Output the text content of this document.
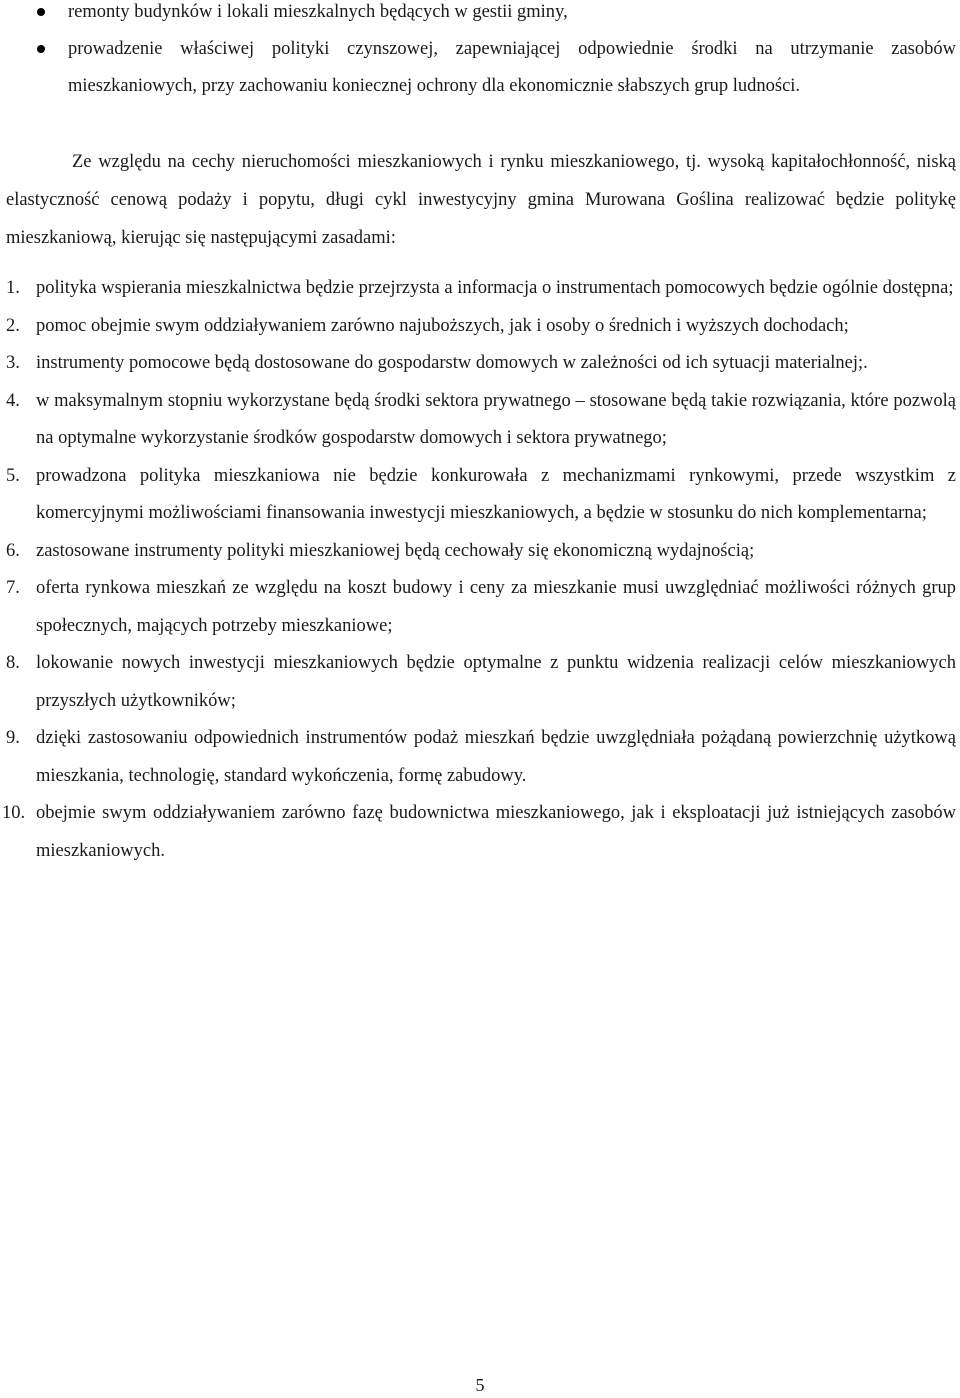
remonty budynków i lokali mieszkalnych będących w gestii gminy,
prowadzenie właściwej polityki czynszowej, zapewniającej odpowiednie środki na utrzymanie zasobów mieszkaniowych, przy zachowaniu koniecznej ochrony dla ekonomicznie słabszych grup ludności.
Ze względu na cechy nieruchomości mieszkaniowych i rynku mieszkaniowego, tj. wysoką kapitałochłonność, niską elastyczność cenową podaży i popytu, długi cykl inwestycyjny gmina Murowana Goślina realizować będzie politykę mieszkaniową, kierując się następującymi zasadami:
1. polityka wspierania mieszkalnictwa będzie przejrzysta a informacja o instrumentach pomocowych będzie ogólnie dostępna;
2. pomoc obejmie swym oddziaływaniem zarówno najuboższych, jak i osoby o średnich i wyższych dochodach;
3. instrumenty pomocowe będą dostosowane do gospodarstw domowych w zależności od ich sytuacji materialnej;.
4. w maksymalnym stopniu wykorzystane będą środki sektora prywatnego – stosowane będą takie rozwiązania, które pozwolą na optymalne wykorzystanie środków gospodarstw domowych i sektora prywatnego;
5. prowadzona polityka mieszkaniowa nie będzie konkurowała z mechanizmami rynkowymi, przede wszystkim z komercyjnymi możliwościami finansowania inwestycji mieszkaniowych, a będzie w stosunku do nich komplementarna;
6. zastosowane instrumenty polityki mieszkaniowej będą cechowały się ekonomiczną wydajnością;
7. oferta rynkowa mieszkań ze względu na koszt budowy i ceny za mieszkanie musi uwzględniać możliwości różnych grup społecznych, mających potrzeby mieszkaniowe;
8. lokowanie nowych inwestycji mieszkaniowych będzie optymalne z punktu widzenia realizacji celów mieszkaniowych przyszłych użytkowników;
9. dzięki zastosowaniu odpowiednich instrumentów podaż mieszkań będzie uwzględniała pożądaną powierzchnię użytkową mieszkania, technologię, standard wykończenia, formę zabudowy.
10. obejmie swym oddziaływaniem zarówno fazę budownictwa mieszkaniowego, jak i eksploatacji już istniejących zasobów mieszkaniowych.
5
